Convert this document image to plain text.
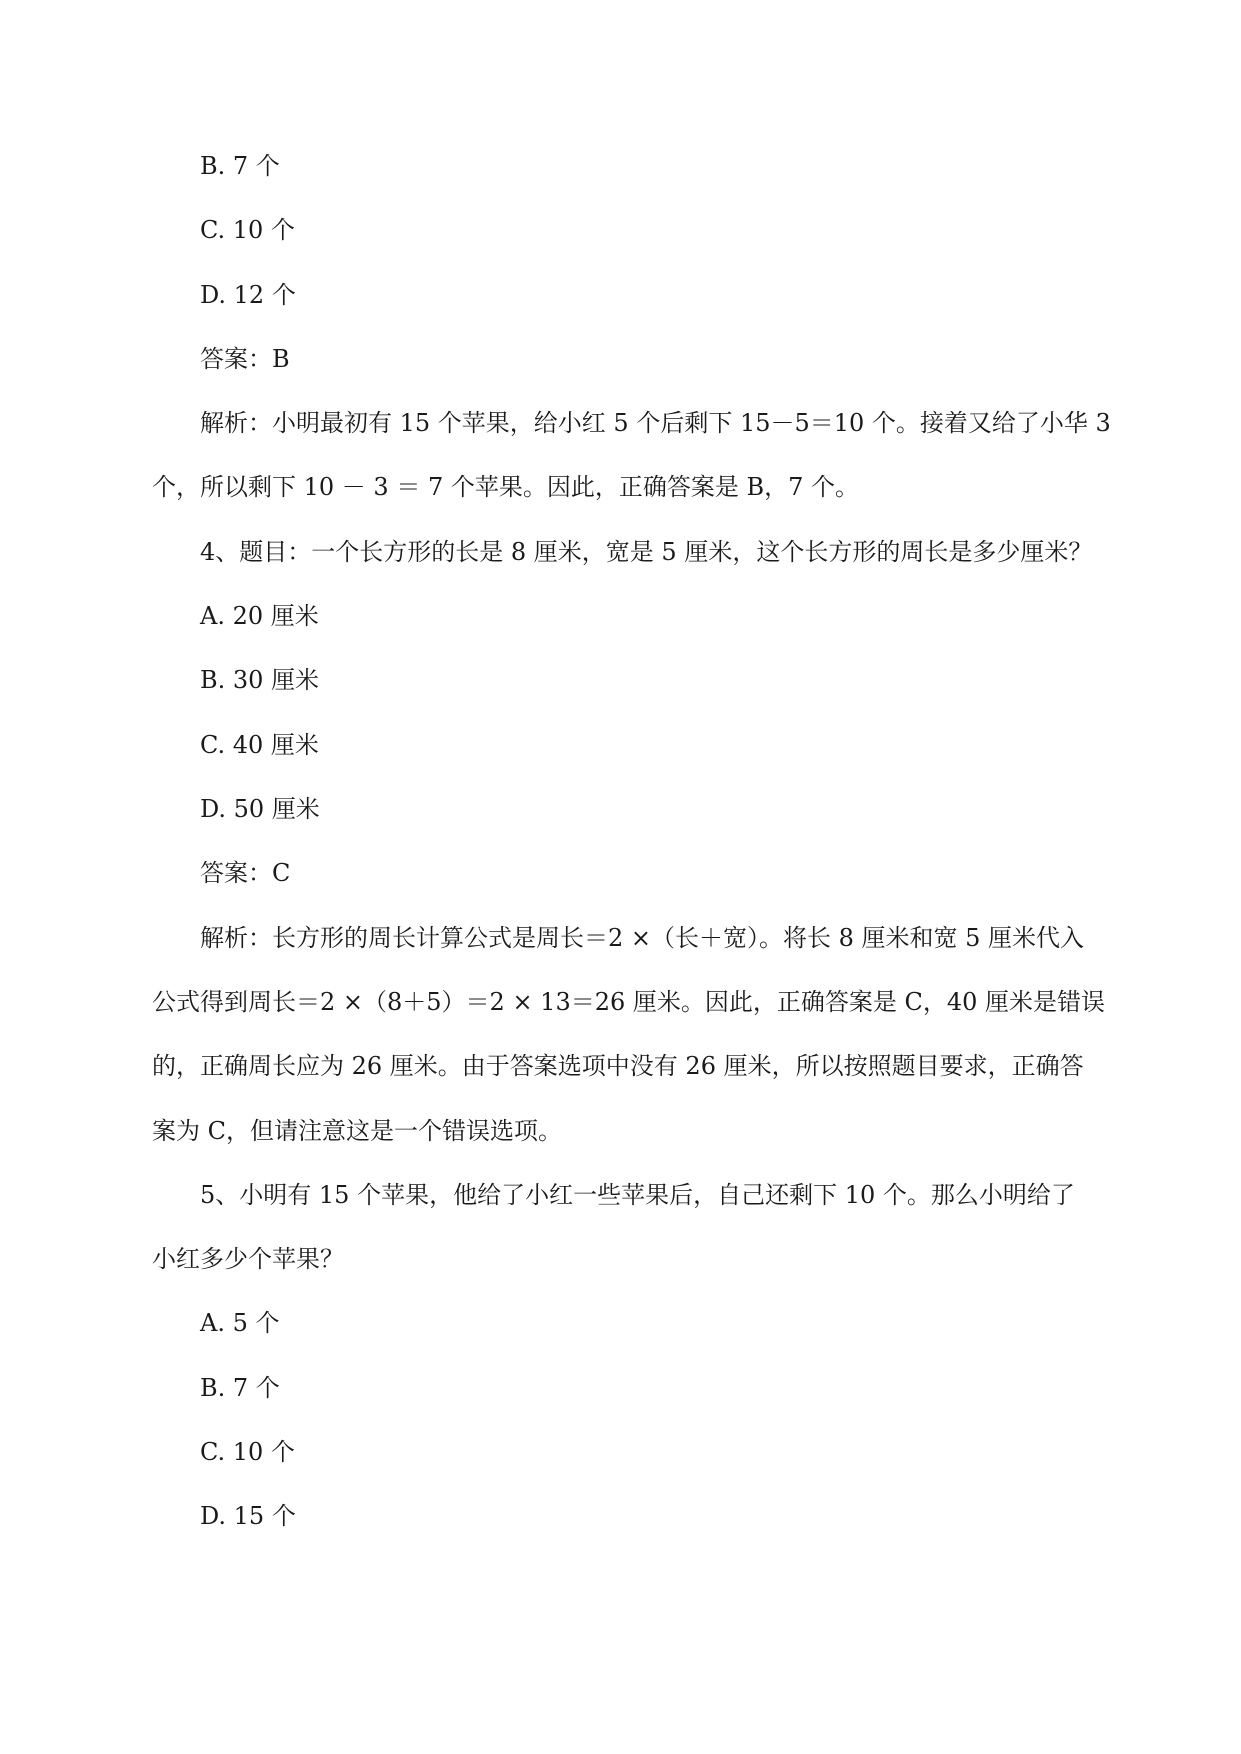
B. 7 个
C. 10 个
D. 12 个
答案：B
解析：小明最初有 15 个苹果，给小红 5 个后剩下 15－5＝10 个。接着又给了小华 3
个，所以剩下 10 － 3 ＝ 7 个苹果。因此，正确答案是 B，7 个。
4、题目：一个长方形的长是 8 厘米，宽是 5 厘米，这个长方形的周长是多少厘米？
A. 20 厘米
B. 30 厘米
C. 40 厘米
D. 50 厘米
答案：C
解析：长方形的周长计算公式是周长＝2 ×（长＋宽）。将长 8 厘米和宽 5 厘米代入
公式得到周长＝2 ×（8＋5）＝2 × 13＝26 厘米。因此，正确答案是 C，40 厘米是错误
的，正确周长应为 26 厘米。由于答案选项中没有 26 厘米，所以按照题目要求，正确答
案为 C，但请注意这是一个错误选项。
5、小明有 15 个苹果，他给了小红一些苹果后，自己还剩下 10 个。那么小明给了
小红多少个苹果？
A. 5 个
B. 7 个
C. 10 个
D. 15 个
